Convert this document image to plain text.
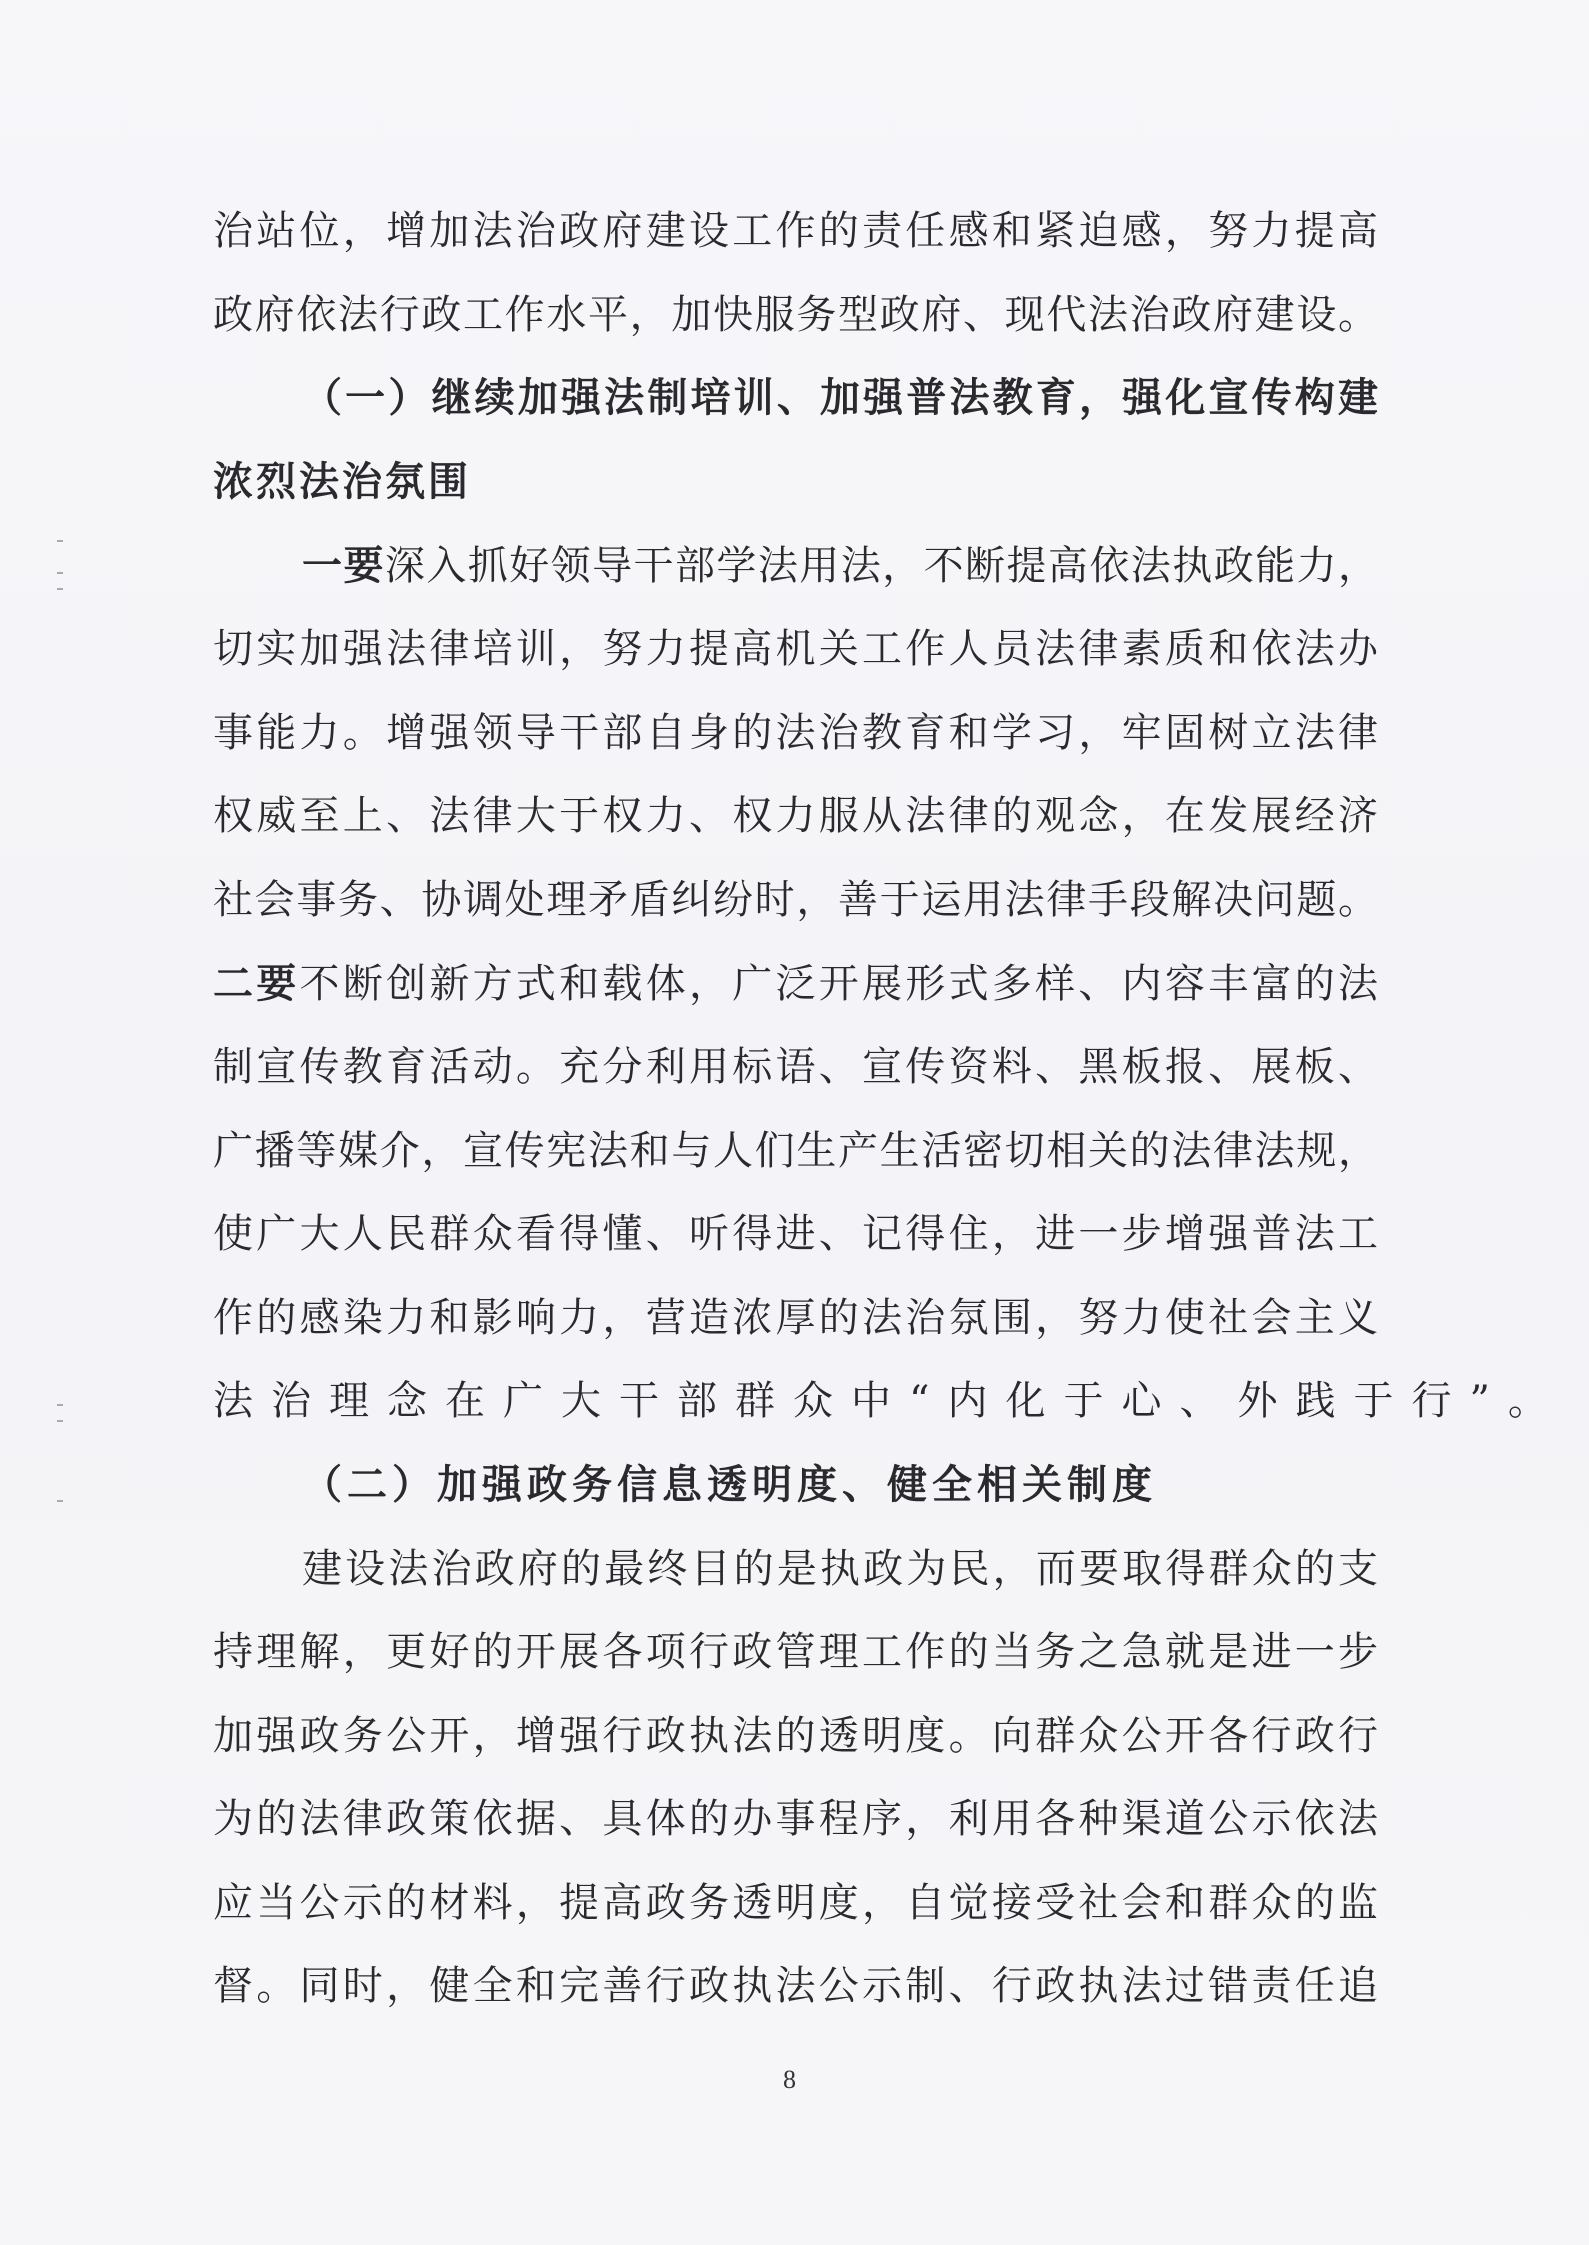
治站位，增加法治政府建设工作的责任感和紧迫感，努力提高
政府依法行政工作水平，加快服务型政府、现代法治政府建设。
（一）继续加强法制培训、加强普法教育，强化宣传构建
浓烈法治氛围
一要深入抓好领导干部学法用法，不断提高依法执政能力，
切实加强法律培训，努力提高机关工作人员法律素质和依法办
事能力。增强领导干部自身的法治教育和学习，牢固树立法律
权威至上、法律大于权力、权力服从法律的观念，在发展经济
社会事务、协调处理矛盾纠纷时，善于运用法律手段解决问题。
二要不断创新方式和载体，广泛开展形式多样、内容丰富的法
制宣传教育活动。充分利用标语、宣传资料、黑板报、展板、
广播等媒介，宣传宪法和与人们生产生活密切相关的法律法规，
使广大人民群众看得懂、听得进、记得住，进一步增强普法工
作的感染力和影响力，营造浓厚的法治氛围，努力使社会主义
法治理念在广大干部群众中“内化于心、外践于行”。
（二）加强政务信息透明度、健全相关制度
建设法治政府的最终目的是执政为民，而要取得群众的支
持理解，更好的开展各项行政管理工作的当务之急就是进一步
加强政务公开，增强行政执法的透明度。向群众公开各行政行
为的法律政策依据、具体的办事程序，利用各种渠道公示依法
应当公示的材料，提高政务透明度，自觉接受社会和群众的监
督。同时，健全和完善行政执法公示制、行政执法过错责任追
8
